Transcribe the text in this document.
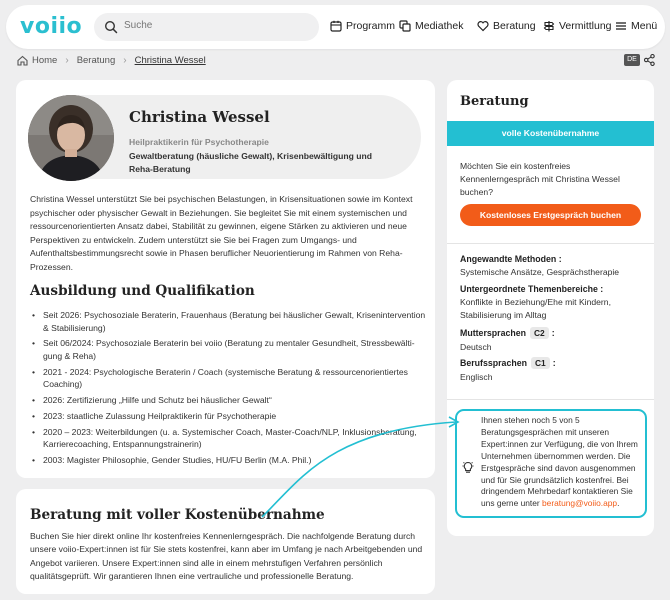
voiio	Suche	Programm Mediathek	Beratung Vermittlung Menü
Home › Beratung › Christina Wessel	DE
Christina Wessel
Heilpraktikerin für Psychotherapie
Gewaltberatung (häusliche Gewalt), Krisenbewältigung und Reha-Beratung

Christina Wessel unterstützt Sie bei psychischen Belastungen, in Krisensituationen sowie im Kontext psychischer oder physischer Gewalt in Beziehungen. Sie begleitet Sie mit einem systemischen und ressourcenorientierten Ansatz dabei, Stabilität zu gewinnen, eigene Stärken zu aktivieren und neue Perspektiven zu entwickeln. Zudem unterstützt sie Sie bei Fragen zum Umgangs- und Aufenthaltsbestimmungsrecht sowie in Phasen beruflicher Neuorientierung im Rahmen von Reha-Prozessen.

Ausbildung und Qualifikation
• Seit 2026: Psychosoziale Beraterin, Frauenhaus (Beratung bei häuslicher Gewalt, Krisenintervention & Stabilisierung)
• Seit 06/2024: Psychosoziale Beraterin bei voiio (Beratung zu mentaler Gesundheit, Stressbewältigung & Reha)
• 2021 - 2024: Psychologische Beraterin / Coach (systemische Beratung & ressourcenorientiertes Coaching)
• 2026: Zertifizierung „Hilfe und Schutz bei häuslicher Gewalt“
• 2023: staatliche Zulassung Heilpraktikerin für Psychotherapie
• 2020 – 2023: Weiterbildungen (u. a. Systemischer Coach, Master-Coach/NLP, Inklusionsberatung, Karrierecoaching, Entspannungstrainerin)
• 2003: Magister Philosophie, Gender Studies, HU/FU Berlin (M.A. Phil.)
Beratung mit voller Kostenübernahme

Buchen Sie hier direkt online Ihr kostenfreies Kennenlerngespräch. Die nachfolgende Beratung durch unsere voiio-Expert:innen ist für Sie stets kostenfrei, kann aber im Umfang je nach Arbeitgebenden und Angebot variieren. Unsere Expert:innen sind alle in einem mehrstufigen Verfahren persönlich qualitätsgeprüft. Wir garantieren Ihnen eine vertrauliche und professionelle Beratung.

Beratung
volle Kostenübernahme

Möchten Sie ein kostenfreies Kennenlerngespräch mit Christina Wessel buchen?

Kostenloses Erstgespräch buchen
Angewandte Methoden :
Systemische Ansätze, Gesprächstherapie
Untergeordnete Themenbereiche :
Konflikte in Beziehung/Ehe mit Kindern, Stabilisierung im Alltag
Muttersprachen C2 :
Deutsch
Berufssprachen C1 :
Englisch

Ihnen stehen noch 5 von 5 Beratungsgesprächen mit unseren Expert:innen zur Verfügung, die von Ihrem Unternehmen übernommen werden. Die Erstgespräche sind davon ausgenommen und für Sie grundsätzlich kostenfrei. Bei dringendem Mehrbedarf kontaktieren Sie uns gerne unter beratung@voiio.app.
